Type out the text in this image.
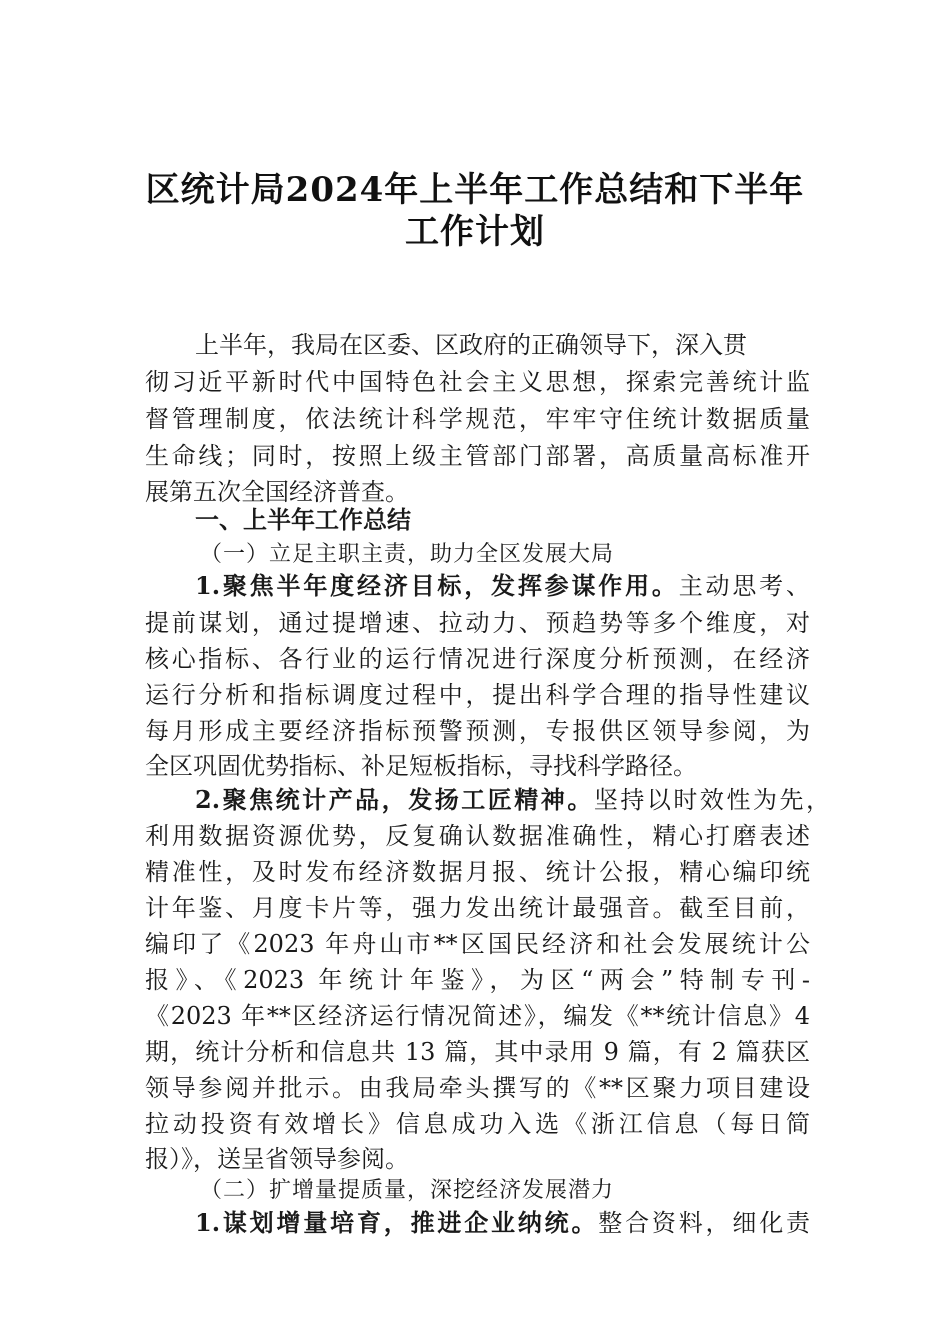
区统计局2024年上半年工作总结和下半年
工作计划
上半年，我局在区委、区政府的正确领导下，深入贯
彻习近平新时代中国特色社会主义思想，探索完善统计监
督管理制度，依法统计科学规范，牢牢守住统计数据质量
生命线；同时，按照上级主管部门部署，高质量高标准开
展第五次全国经济普查。
一、上半年工作总结
（一）立足主职主责，助力全区发展大局
1.聚焦半年度经济目标，发挥参谋作用。主动思考、
提前谋划，通过提增速、拉动力、预趋势等多个维度，对
核心指标、各行业的运行情况进行深度分析预测，在经济
运行分析和指标调度过程中，提出科学合理的指导性建议
每月形成主要经济指标预警预测，专报供区领导参阅，为
全区巩固优势指标、补足短板指标，寻找科学路径。
2.聚焦统计产品，发扬工匠精神。坚持以时效性为先，
利用数据资源优势，反复确认数据准确性，精心打磨表述
精准性，及时发布经济数据月报、统计公报，精心编印统
计年鉴、月度卡片等，强力发出统计最强音。截至目前，
编印了《2023 年舟山市**区国民经济和社会发展统计公
报》、《2023 年统计年鉴》，为区“两会”特制专刊-
《2023 年**区经济运行情况简述》，编发《**统计信息》4
期，统计分析和信息共 13 篇，其中录用 9 篇，有 2 篇获区
领导参阅并批示。由我局牵头撰写的《**区聚力项目建设
拉动投资有效增长》信息成功入选《浙江信息（每日简
报）》，送呈省领导参阅。
（二）扩增量提质量，深挖经济发展潜力
1.谋划增量培育，推进企业纳统。整合资料，细化责
